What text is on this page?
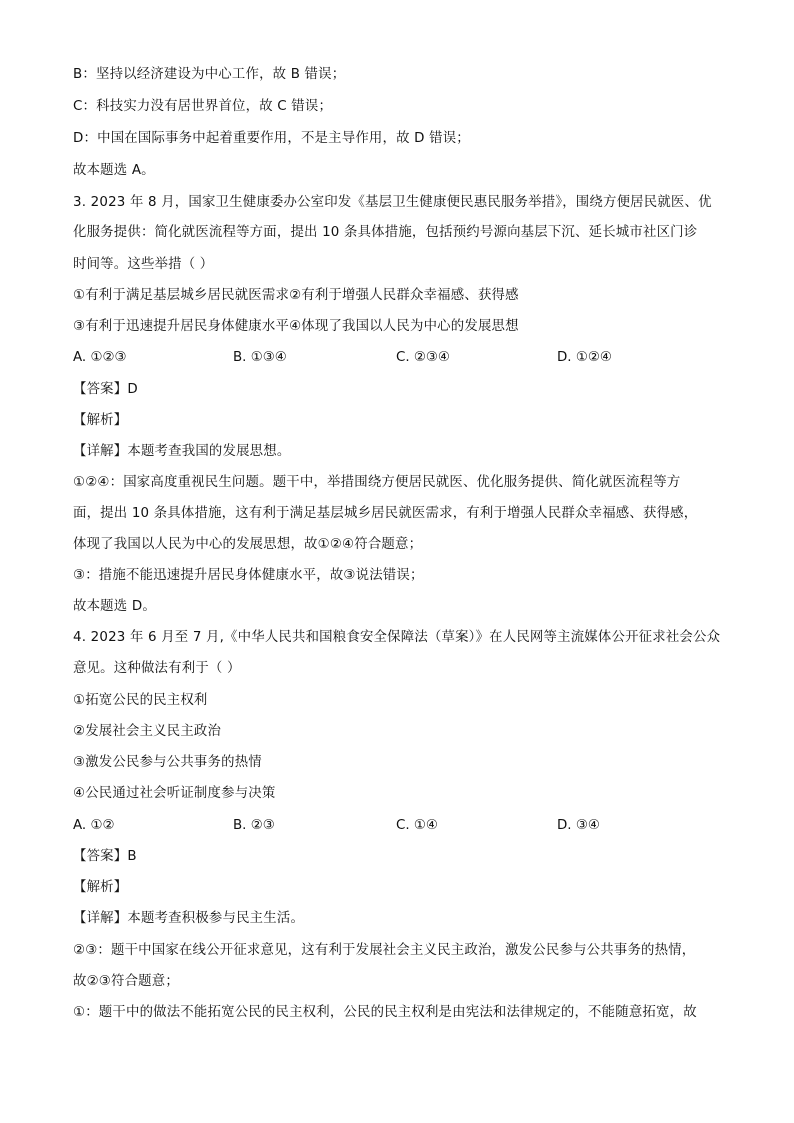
B：坚持以经济建设为中心工作，故 B 错误；
C：科技实力没有居世界首位，故 C 错误；
D：中国在国际事务中起着重要作用，不是主导作用，故 D 错误；
故本题选 A。
3. 2023 年 8 月，国家卫生健康委办公室印发《基层卫生健康便民惠民服务举措》，围绕方便居民就医、优
化服务提供：简化就医流程等方面，提出 10 条具体措施，包括预约号源向基层下沉、延长城市社区门诊
时间等。这些举措（ ）
①有利于满足基层城乡居民就医需求②有利于增强人民群众幸福感、获得感
③有利于迅速提升居民身体健康水平④体现了我国以人民为中心的发展思想
A. ①②③	B. ①③④	C. ②③④	D. ①②④
【答案】D
【解析】
【详解】本题考查我国的发展思想。
①②④：国家高度重视民生问题。题干中，举措围绕方便居民就医、优化服务提供、简化就医流程等方
面，提出 10 条具体措施，这有利于满足基层城乡居民就医需求，有利于增强人民群众幸福感、获得感，
体现了我国以人民为中心的发展思想，故①②④符合题意；
③：措施不能迅速提升居民身体健康水平，故③说法错误；
故本题选 D。
4. 2023 年 6 月至 7 月,《中华人民共和国粮食安全保障法（草案）》在人民网等主流媒体公开征求社会公众
意见。这种做法有利于（ ）
①拓宽公民的民主权利
②发展社会主义民主政治
③激发公民参与公共事务的热情
④公民通过社会听证制度参与决策
A. ①②	B. ②③	C. ①④	D. ③④
【答案】B
【解析】
【详解】本题考查积极参与民主生活。
②③：题干中国家在线公开征求意见，这有利于发展社会主义民主政治，激发公民参与公共事务的热情，
故②③符合题意；
①：题干中的做法不能拓宽公民的民主权利，公民的民主权利是由宪法和法律规定的，不能随意拓宽，故
